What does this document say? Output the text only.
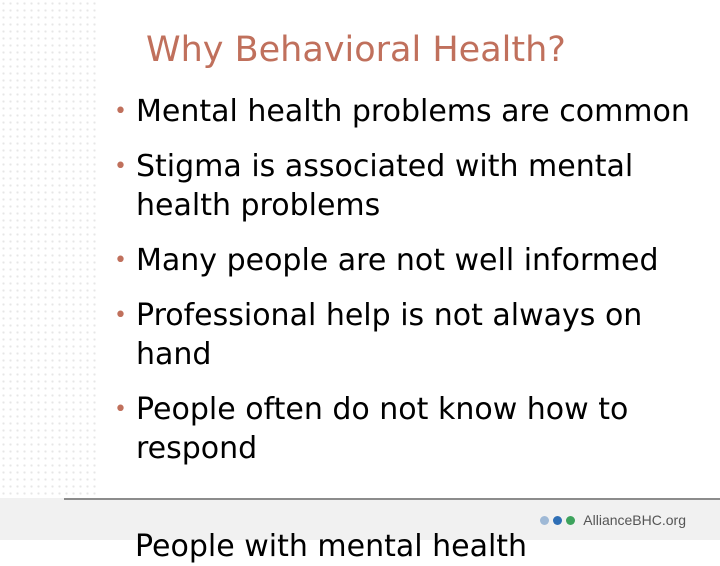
Why Behavioral Health?
• Mental health problems are common
• Stigma is associated with mental health problems
• Many people are not well informed
• Professional help is not always on hand
• People often do not know how to respond
People with mental health
AllianceBHC.org
